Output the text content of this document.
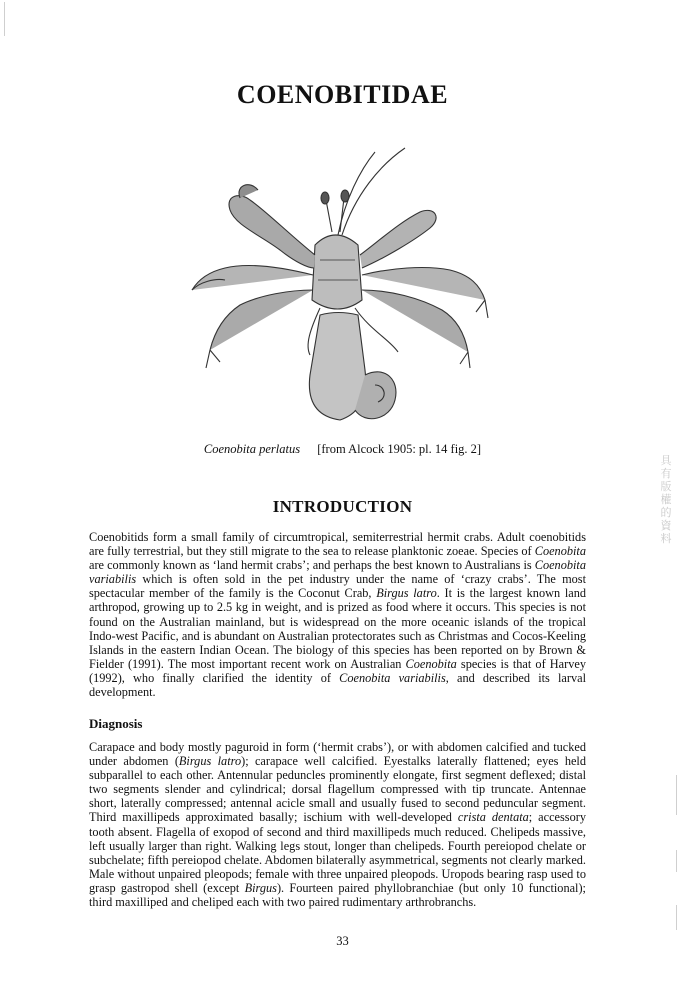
COENOBITIDAE
Coenobita perlatus [from Alcock 1905: pl. 14 fig. 2]
INTRODUCTION

Coenobitids form a small family of circumtropical, semiterrestrial hermit crabs. Adult coenobitids are fully terrestrial, but they still migrate to the sea to release planktonic zoeae. Species of Coenobita are commonly known as ‘land hermit crabs’; and perhaps the best known to Australians is Coenobita variabilis which is often sold in the pet industry under the name of ‘crazy crabs’. The most spectacular member of the family is the Coconut Crab, Birgus latro. It is the largest known land arthropod, growing up to 2.5 kg in weight, and is prized as food where it occurs. This species is not found on the Australian mainland, but is widespread on the more oceanic islands of the tropical Indo-west Pacific, and is abundant on Australian protectorates such as Christmas and Cocos-Keeling Islands in the eastern Indian Ocean. The biology of this species has been reported on by Brown & Fielder (1991). The most important recent work on Australian Coenobita species is that of Harvey (1992), who finally clarified the identity of Coenobita variabilis, and described its larval development.

Diagnosis

Carapace and body mostly paguroid in form (‘hermit crabs’), or with abdomen calcified and tucked under abdomen (Birgus latro); carapace well calcified. Eyestalks laterally flattened; eyes held subparallel to each other. Antennular peduncles prominently elongate, first segment deflexed; distal two segments slender and cylindrical; dorsal flagellum compressed with tip truncate. Antennae short, laterally compressed; antennal acicle small and usually fused to second peduncular segment. Third maxillipeds approximated basally; ischium with well-developed crista dentata; accessory tooth absent. Flagella of exopod of second and third maxillipeds much reduced. Chelipeds massive, left usually larger than right. Walking legs stout, longer than chelipeds. Fourth pereiopod chelate or subchelate; fifth pereiopod chelate. Abdomen bilaterally asymmetrical, segments not clearly marked. Male without unpaired pleopods; female with three unpaired pleopods. Uropods bearing rasp used to grasp gastropod shell (except Birgus). Fourteen paired phyllobranchiae (but only 10 functional); third maxilliped and cheliped each with two paired rudimentary arthrobranchs.

33
具有版權的資料
